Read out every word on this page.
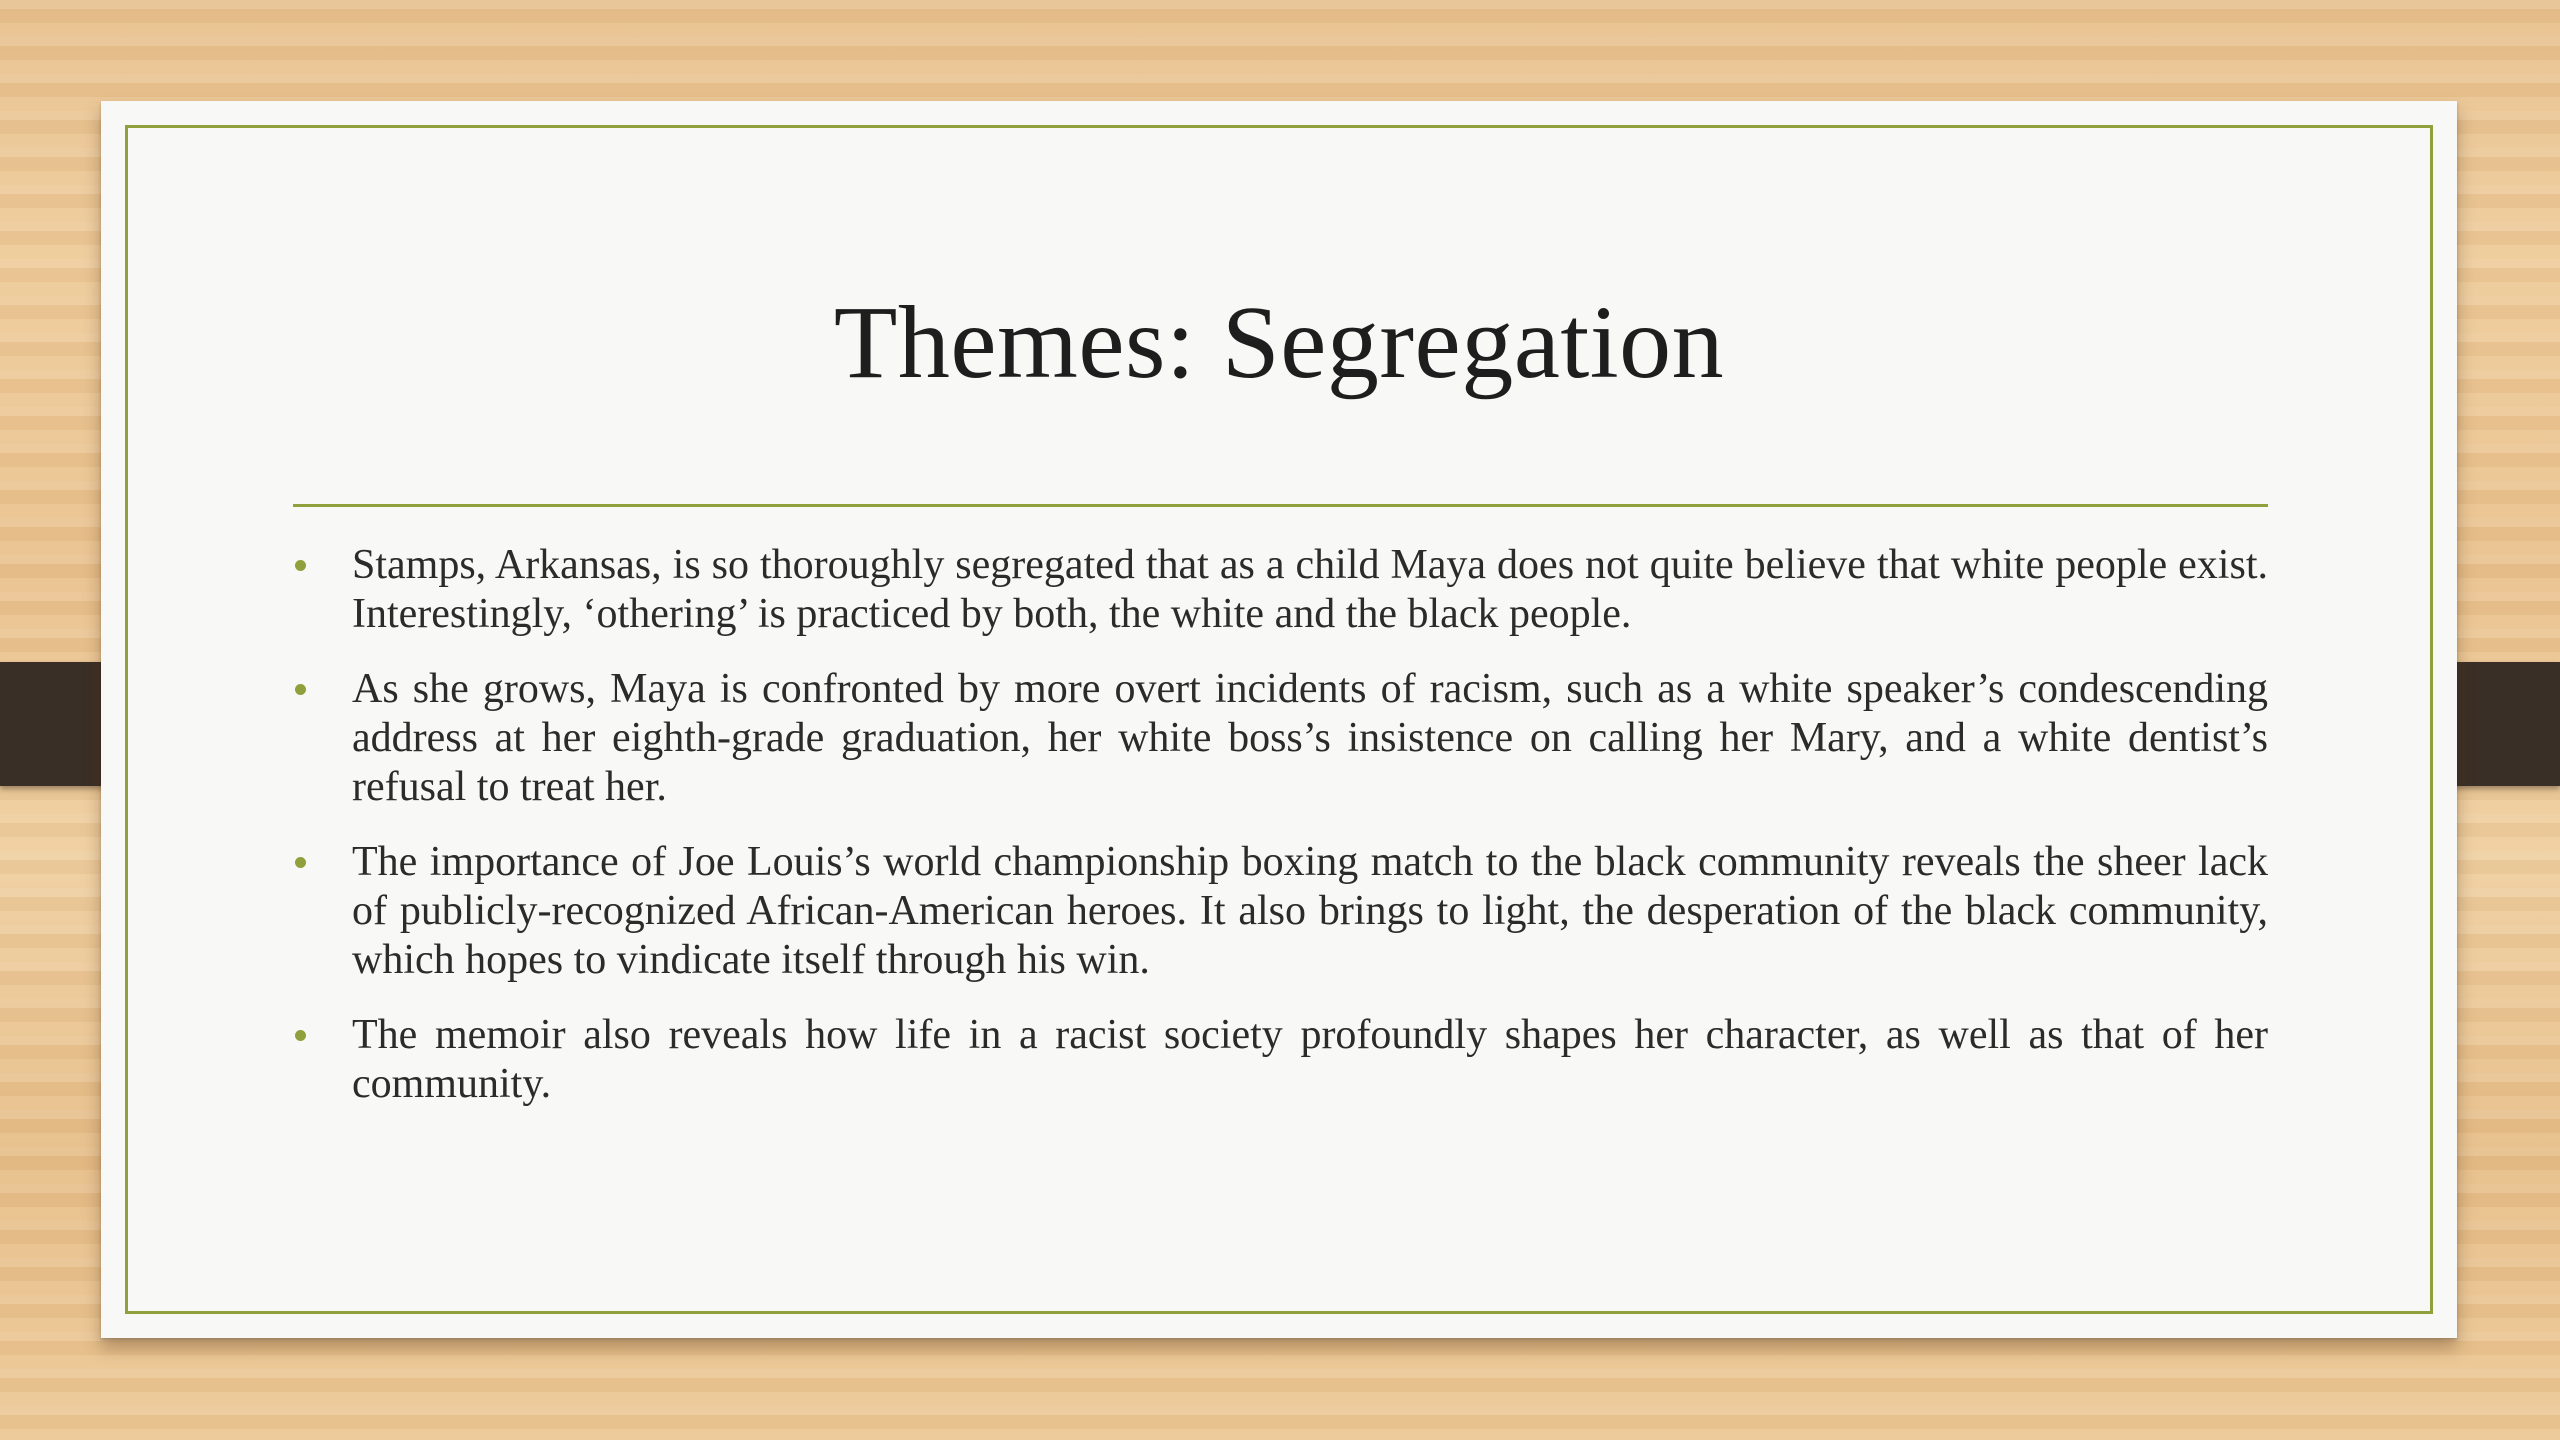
Themes: Segregation
Stamps, Arkansas, is so thoroughly segregated that as a child Maya does not quite believe that white people exist. Interestingly, ‘othering’ is practiced by both, the white and the black people.
As she grows, Maya is confronted by more overt incidents of racism, such as a white speaker’s condescending address at her eighth-grade graduation, her white boss’s insistence on calling her Mary, and a white dentist’s refusal to treat her.
The importance of Joe Louis’s world championship boxing match to the black community reveals the sheer lack of publicly-recognized African-American heroes. It also brings to light, the desperation of the black community, which hopes to vindicate itself through his win.
The memoir also reveals how life in a racist society profoundly shapes her character, as well as that of her community.
